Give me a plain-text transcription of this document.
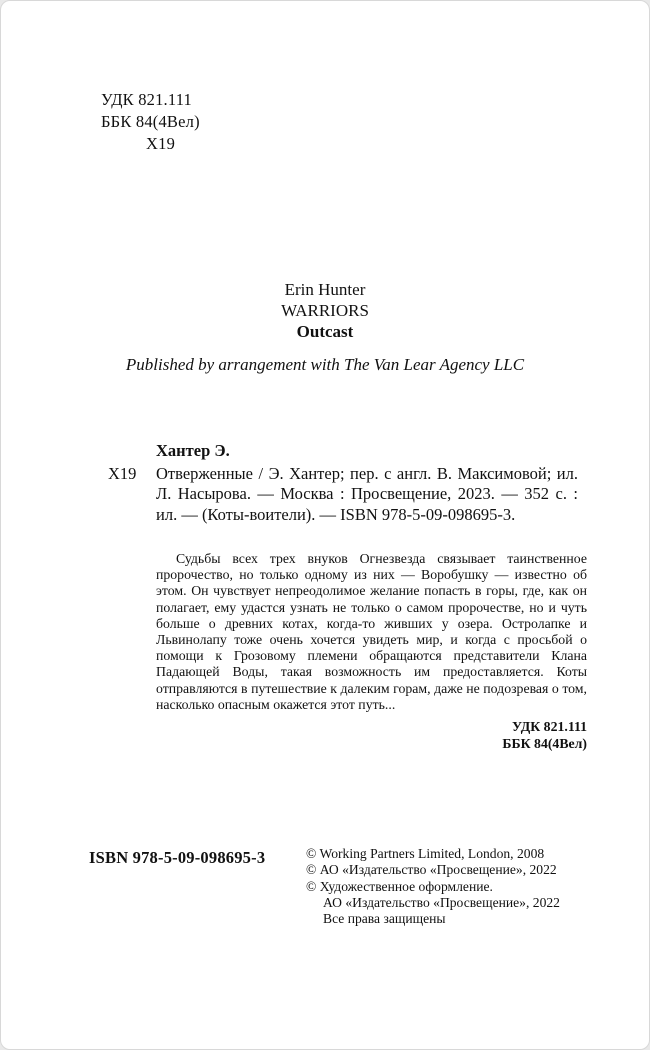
УДК 821.111
ББК 84(4Вел)
Х19
Erin Hunter
WARRIORS
Outcast
Published by arrangement with The Van Lear Agency LLC
Хантер Э.
Х19 Отверженные / Э. Хантер; пер. с англ. В. Максимовой; ил. Л. Насырова. — Москва : Просвещение, 2023. — 352 с. : ил. — (Коты-воители). — ISBN 978-5-09-098695-3.

Судьбы всех трех внуков Огнезвезда связывает таинственное пророчество, но только одному из них — Воробушку — известно об этом. Он чувствует непреодолимое желание попасть в горы, где, как он полагает, ему удастся узнать не только о самом пророчестве, но и чуть больше о древних котах, когда-то живших у озера. Остролапке и Львинолапу тоже очень хочется увидеть мир, и когда с просьбой о помощи к Грозовому племени обращаются представители Клана Падающей Воды, такая возможность им предоставляется. Коты отправляются в путешествие к далеким горам, даже не подозревая о том, насколько опасным окажется этот путь...

УДК 821.111
ББК 84(4Вел)
ISBN 978-5-09-098695-3	© Working Partners Limited, London, 2008
© АО «Издательство «Просвещение», 2022
© Художественное оформление.
АО «Издательство «Просвещение», 2022
Все права защищены
